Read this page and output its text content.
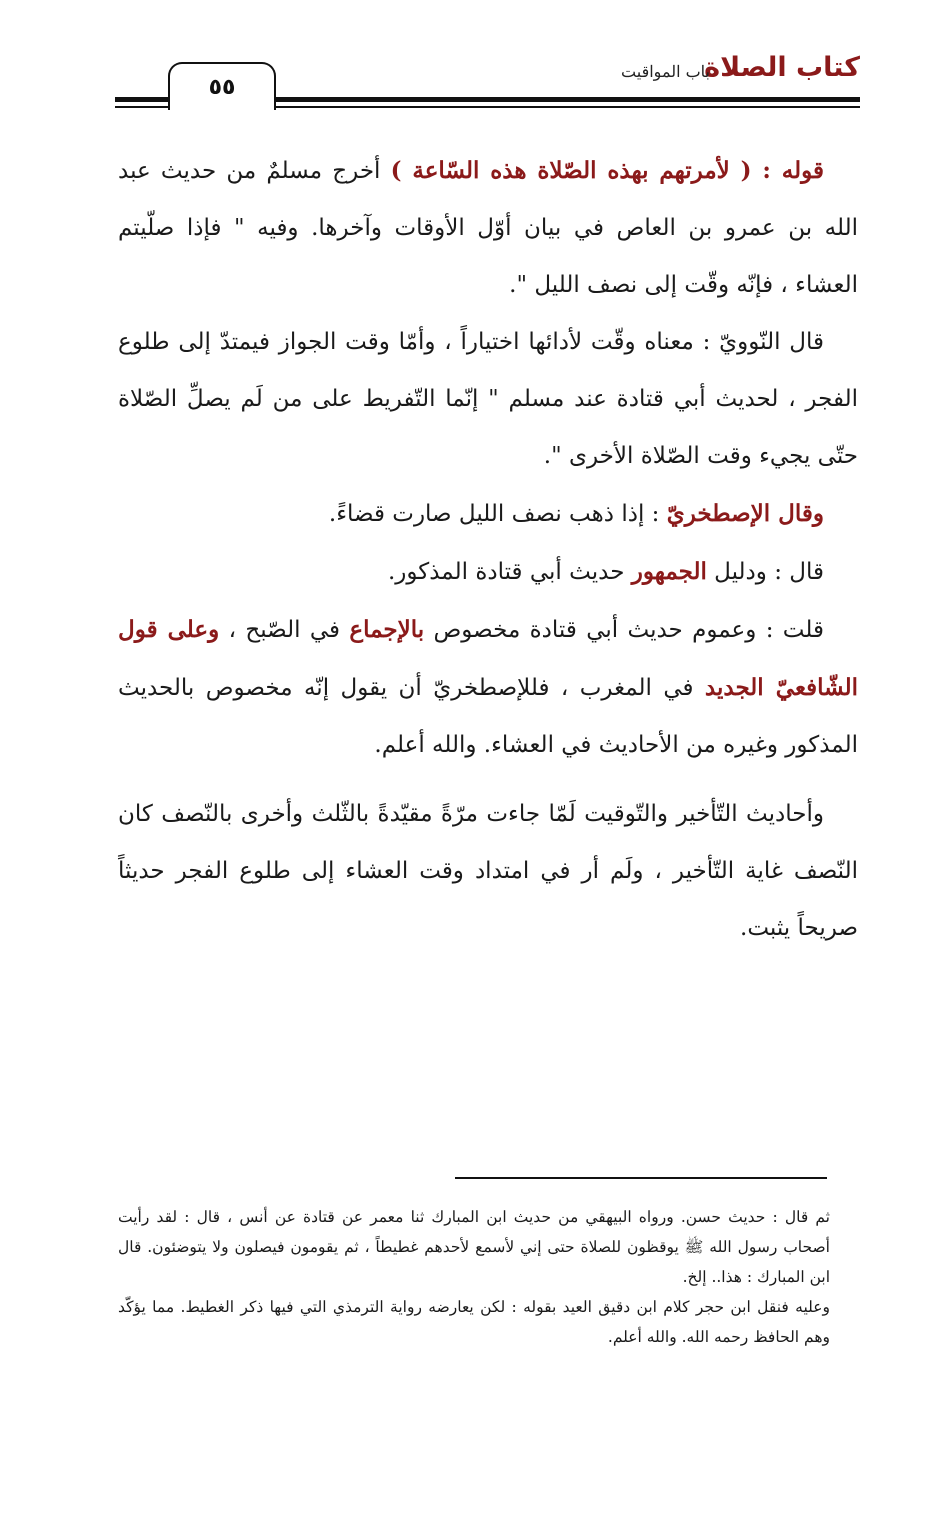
كتاب الصلاة
باب المواقيت
٥٥

قوله : ( لأمرتهم بهذه الصّلاة هذه السّاعة ) أخرج مسلمٌ من حديث عبد الله بن عمرو بن العاص في بيان أوّل الأوقات وآخرها. وفيه " فإذا صلّيتم العشاء ، فإنّه وقّت إلى نصف الليل ".

قال النّوويّ : معناه وقّت لأدائها اختياراً ، وأمّا وقت الجواز فيمتدّ إلى طلوع الفجر ، لحديث أبي قتادة عند مسلم " إنّما التّفريط على من لَم يصلِّ الصّلاة حتّى يجيء وقت الصّلاة الأخرى ".

وقال الإصطخريّ : إذا ذهب نصف الليل صارت قضاءً.

قال : ودليل الجمهور حديث أبي قتادة المذكور.

قلت : وعموم حديث أبي قتادة مخصوص بالإجماع في الصّبح ، وعلى قول الشّافعيّ الجديد في المغرب ، فللإصطخريّ أن يقول إنّه مخصوص بالحديث المذكور وغيره من الأحاديث في العشاء. والله أعلم.

وأحاديث التّأخير والتّوقيت لَمّا جاءت مرّةً مقيّدةً بالثّلث وأخرى بالنّصف كان النّصف غاية التّأخير ، ولَم أر في امتداد وقت العشاء إلى طلوع الفجر حديثاً صريحاً يثبت.

ثم قال : حديث حسن. ورواه البيهقي من حديث ابن المبارك ثنا معمر عن قتادة عن أنس ، قال : لقد رأيت أصحاب رسول الله ﷺ يوقظون للصلاة حتى إني لأسمع لأحدهم غطيطاً ، ثم يقومون فيصلون ولا يتوضئون. قال ابن المبارك : هذا.. إلخ.

وعليه فنقل ابن حجر كلام ابن دقيق العيد بقوله : لكن يعارضه رواية الترمذي التي فيها ذكر الغطيط. مما يؤكّد وهم الحافظ رحمه الله. والله أعلم.
